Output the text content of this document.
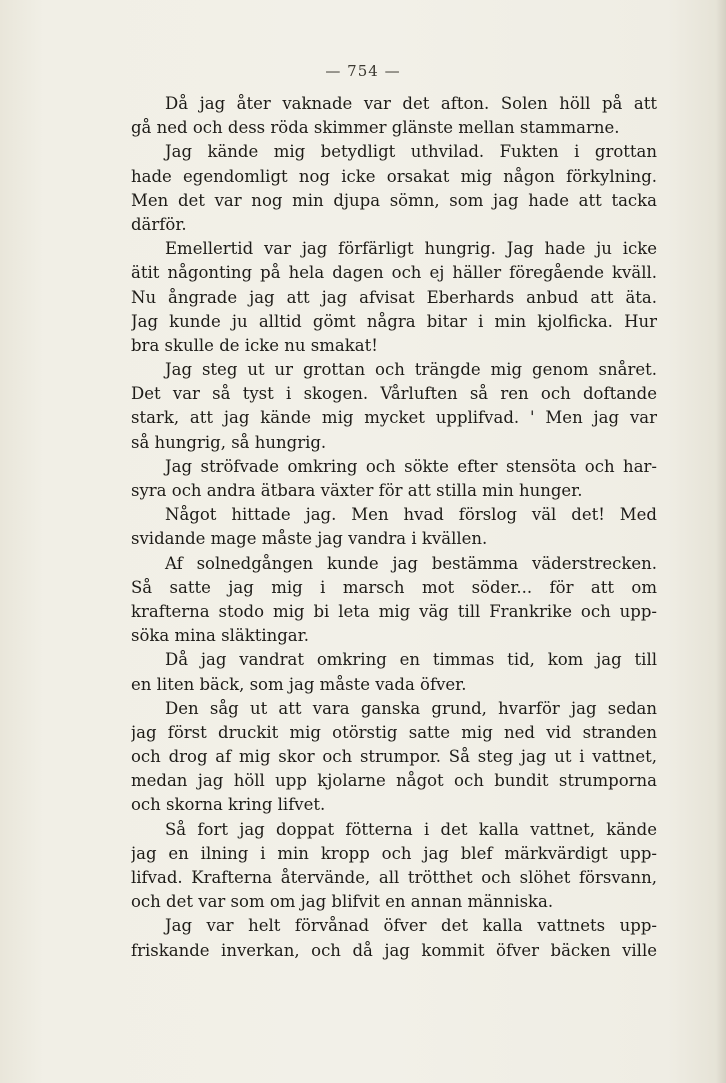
— 754 —
Då jag åter vaknade var det afton. Solen höll på att
gå ned och dess röda skimmer glänste mellan stammarne.
Jag kände mig betydligt uthvilad. Fukten i grottan
hade egendomligt nog icke orsakat mig någon förkylning.
Men det var nog min djupa sömn, som jag hade att tacka
därför.
Emellertid var jag förfärligt hungrig. Jag hade ju icke
ätit någonting på hela dagen och ej häller föregående kväll.
Nu ångrade jag att jag afvisat Eberhards anbud att äta.
Jag kunde ju alltid gömt några bitar i min kjolficka. Hur
bra skulle de icke nu smakat!
Jag steg ut ur grottan och trängde mig genom snåret.
Det var så tyst i skogen. Vårluften så ren och doftande
stark, att jag kände mig mycket upplifvad. ' Men jag var
så hungrig, så hungrig.
Jag ströfvade omkring och sökte efter stensöta och har-
syra och andra ätbara växter för att stilla min hunger.
Något hittade jag. Men hvad förslog väl det! Med
svidande mage måste jag vandra i kvällen.
Af solnedgången kunde jag bestämma väderstrecken.
Så satte jag mig i marsch mot söder... för att om
krafterna stodo mig bi leta mig väg till Frankrike och upp-
söka mina släktingar.
Då jag vandrat omkring en timmas tid, kom jag till
en liten bäck, som jag måste vada öfver.
Den såg ut att vara ganska grund, hvarför jag sedan
jag först druckit mig otörstig satte mig ned vid stranden
och drog af mig skor och strumpor. Så steg jag ut i vattnet,
medan jag höll upp kjolarne något och bundit strumporna
och skorna kring lifvet.
Så fort jag doppat fötterna i det kalla vattnet, kände
jag en ilning i min kropp och jag blef märkvärdigt upp-
lifvad. Krafterna återvände, all trötthet och slöhet försvann,
och det var som om jag blifvit en annan människa.
Jag var helt förvånad öfver det kalla vattnets upp-
friskande inverkan, och då jag kommit öfver bäcken ville
